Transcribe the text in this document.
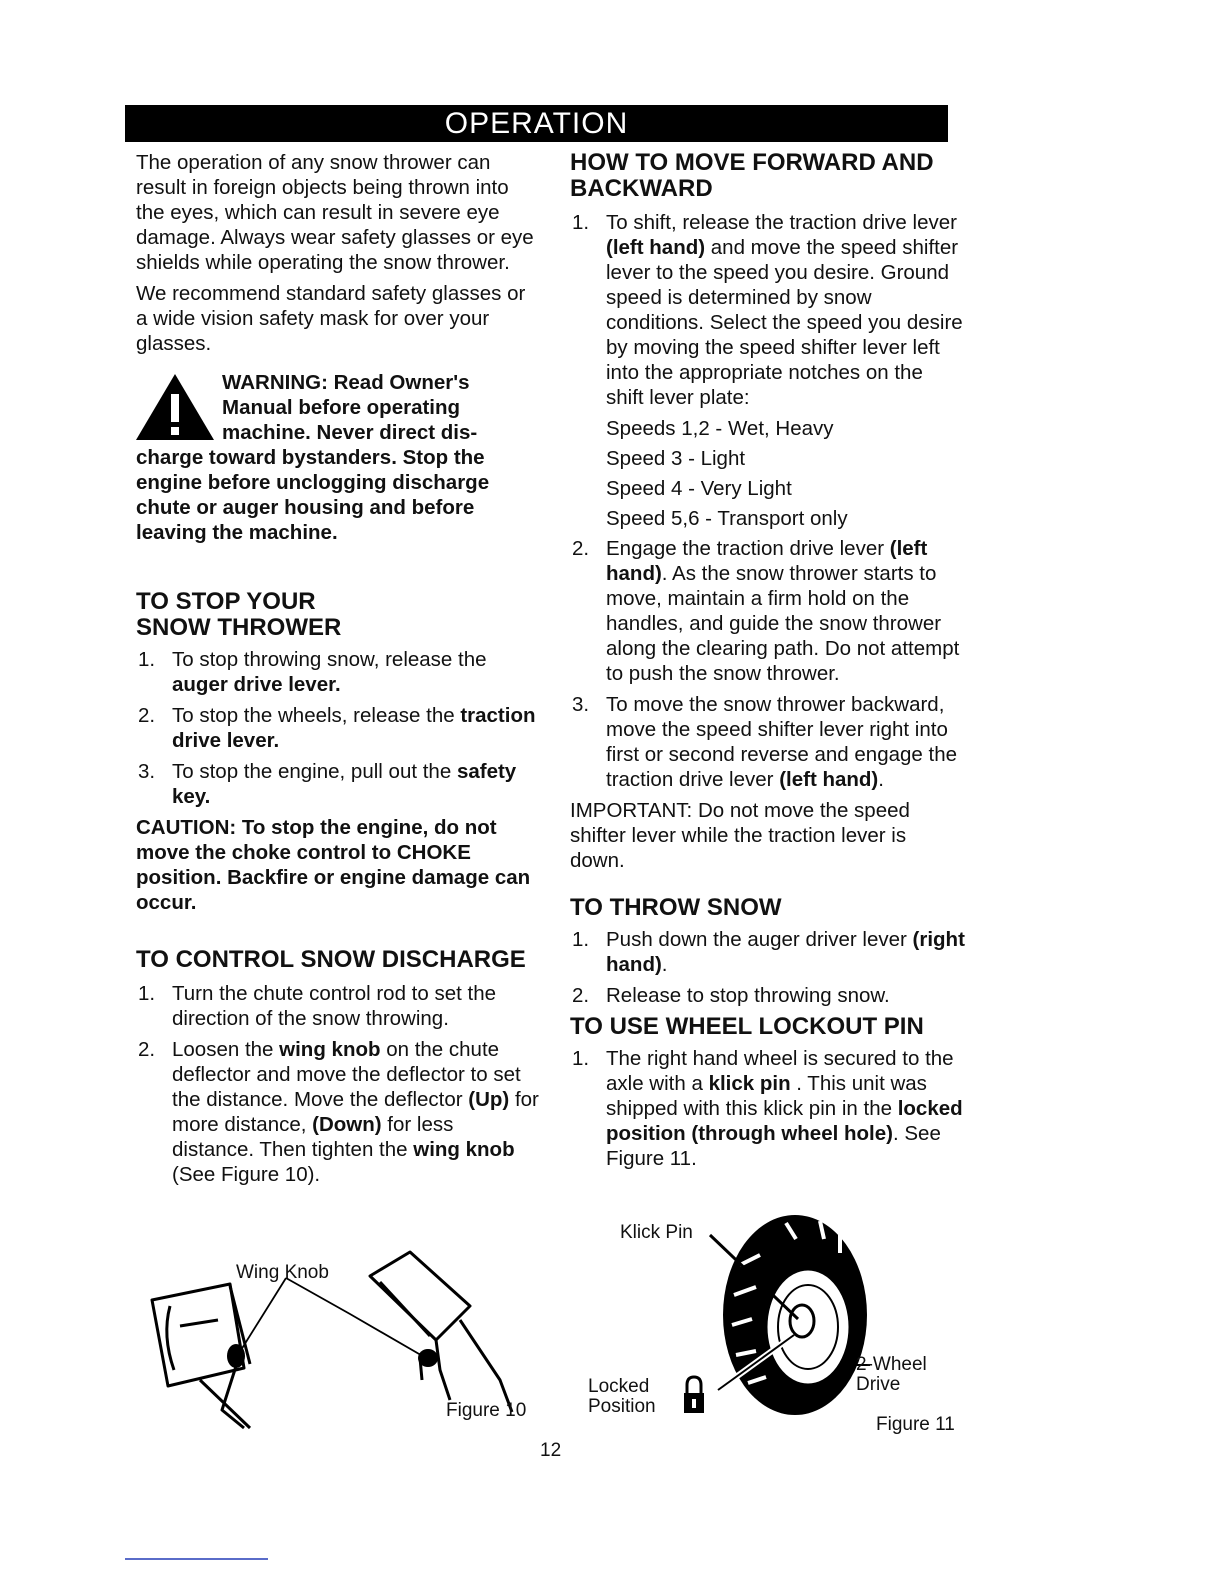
OPERATION

The operation of any snow thrower can result in foreign objects being thrown into the eyes, which can result in severe eye damage. Always wear safety glasses or eye shields while operating the snow thrower.

We recommend standard safety glasses or a wide vision safety mask for over your glasses.

WARNING: Read Owner's Manual before operating machine. Never direct dis-
charge toward bystanders. Stop the engine before unclogging discharge chute or auger housing and before leaving the machine.
TO STOP YOUR
SNOW THROWER
1. To stop throwing snow, release the auger drive lever.
2. To stop the wheels, release the traction drive lever.
3. To stop the engine, pull out the safety key.

CAUTION: To stop the engine, do not move the choke control to CHOKE position. Backfire or engine damage can occur.

TO CONTROL SNOW DISCHARGE
1. Turn the chute control rod to set the direction of the snow throwing.
2. Loosen the wing knob on the chute deflector and move the deflector to set the distance. Move the deflector (Up) for more distance, (Down) for less distance. Then tighten the wing knob (See Figure 10).
Wing Knob
Figure 10
HOW TO MOVE FORWARD AND BACKWARD
1. To shift, release the traction drive lever (left hand) and move the speed shifter lever to the speed you desire. Ground speed is determined by snow conditions. Select the speed you desire by moving the speed shifter lever left into the appropriate notches on the shift lever plate:
Speeds 1,2 - Wet, Heavy
Speed 3 - Light
Speed 4 - Very Light
Speed 5,6 - Transport only
2. Engage the traction drive lever (left hand). As the snow thrower starts to move, maintain a firm hold on the handles, and guide the snow thrower along the clearing path. Do not attempt to push the snow thrower.
3. To move the snow thrower backward, move the speed shifter lever right into first or second reverse and engage the traction drive lever (left hand).

IMPORTANT: Do not move the speed shifter lever while the traction lever is down.

TO THROW SNOW
1. Push down the auger driver lever (right hand).
2. Release to stop throwing snow.
TO USE WHEEL LOCKOUT PIN
1. The right hand wheel is secured to the axle with a klick pin . This unit was shipped with this klick pin in the locked position (through wheel hole). See Figure 11.
Klick Pin
Locked
Position
2-Wheel
Drive
Figure 11
12
